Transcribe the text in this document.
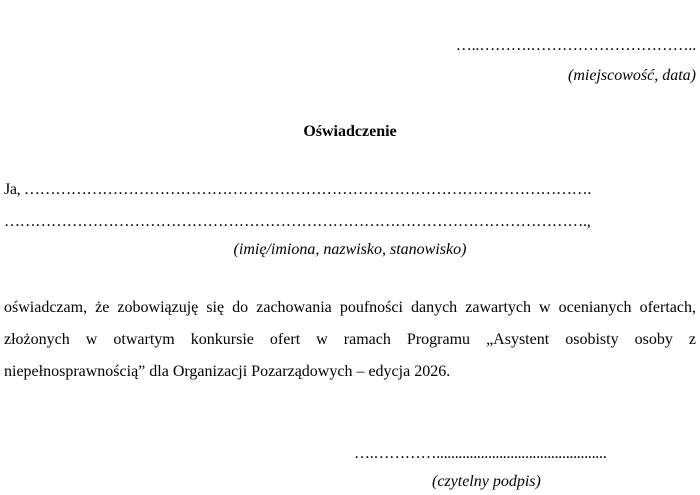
…..……….…………………………..
(miejscowość, data)
Oświadczenie
Ja, ……………………………………………………………………………………………….
………………………………………………………………………………………………….,
(imię/imiona, nazwisko, stanowisko)
oświadczam, że zobowiązuję się do zachowania poufności danych zawartych w ocenianych ofertach, złożonych w otwartym konkursie ofert w ramach Programu „Asystent osobisty osoby z niepełnosprawnością” dla Organizacji Pozarządowych – edycja 2026.
….…………..............................................
(czytelny podpis)
